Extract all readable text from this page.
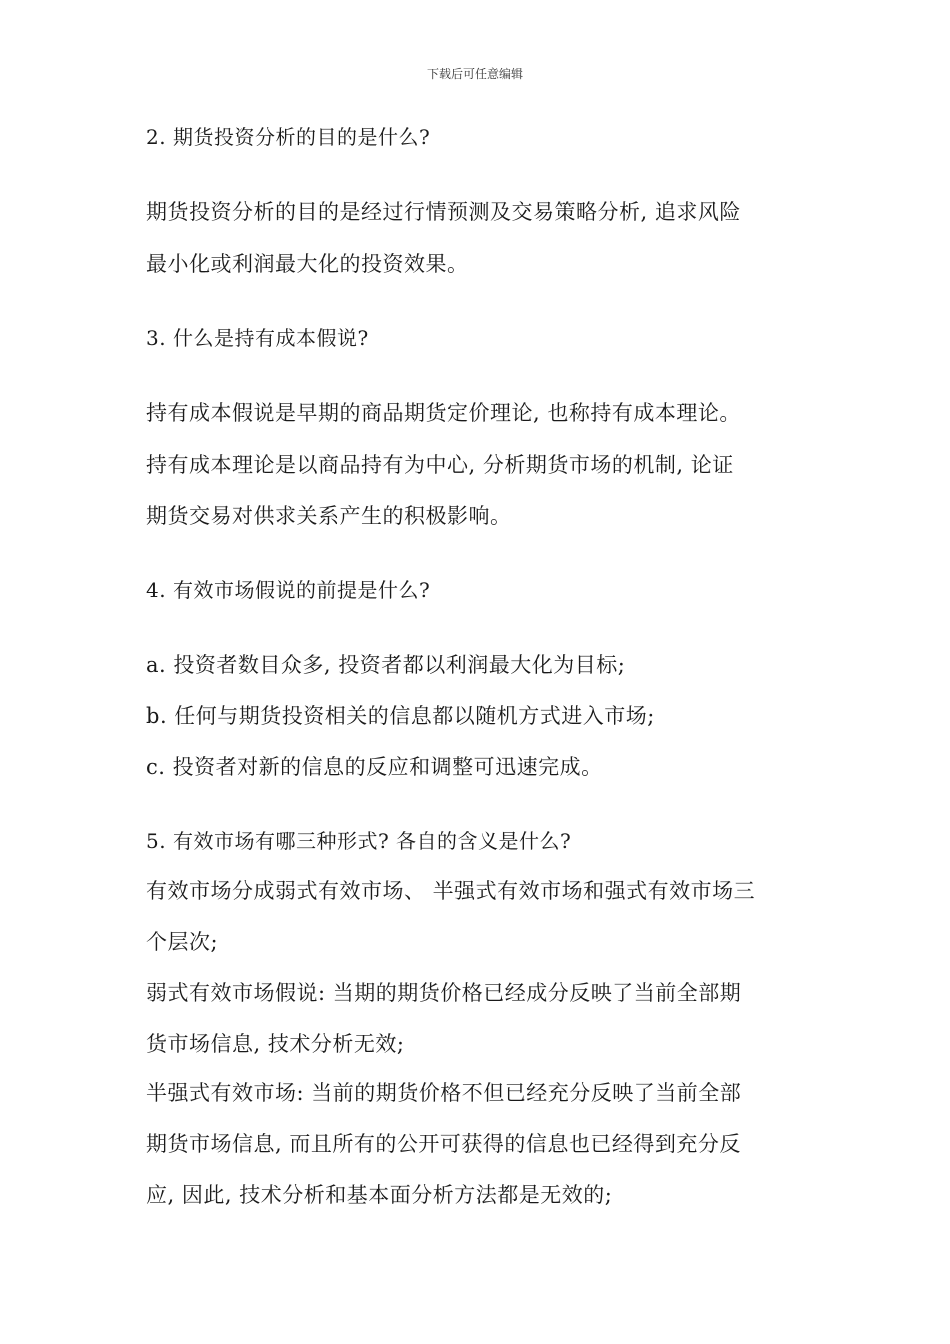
下载后可任意编辑
2. 期货投资分析的目的是什么?
期货投资分析的目的是经过行情预测及交易策略分析, 追求风险
最小化或利润最大化的投资效果。
3. 什么是持有成本假说?
持有成本假说是早期的商品期货定价理论, 也称持有成本理论。
持有成本理论是以商品持有为中心, 分析期货市场的机制, 论证
期货交易对供求关系产生的积极影响。
4. 有效市场假说的前提是什么?
a. 投资者数目众多, 投资者都以利润最大化为目标;
b. 任何与期货投资相关的信息都以随机方式进入市场;
c. 投资者对新的信息的反应和调整可迅速完成。
5. 有效市场有哪三种形式? 各自的含义是什么?
有效市场分成弱式有效市场、 半强式有效市场和强式有效市场三
个层次;
弱式有效市场假说: 当期的期货价格已经成分反映了当前全部期
货市场信息, 技术分析无效;
半强式有效市场: 当前的期货价格不但已经充分反映了当前全部
期货市场信息, 而且所有的公开可获得的信息也已经得到充分反
应, 因此, 技术分析和基本面分析方法都是无效的;
